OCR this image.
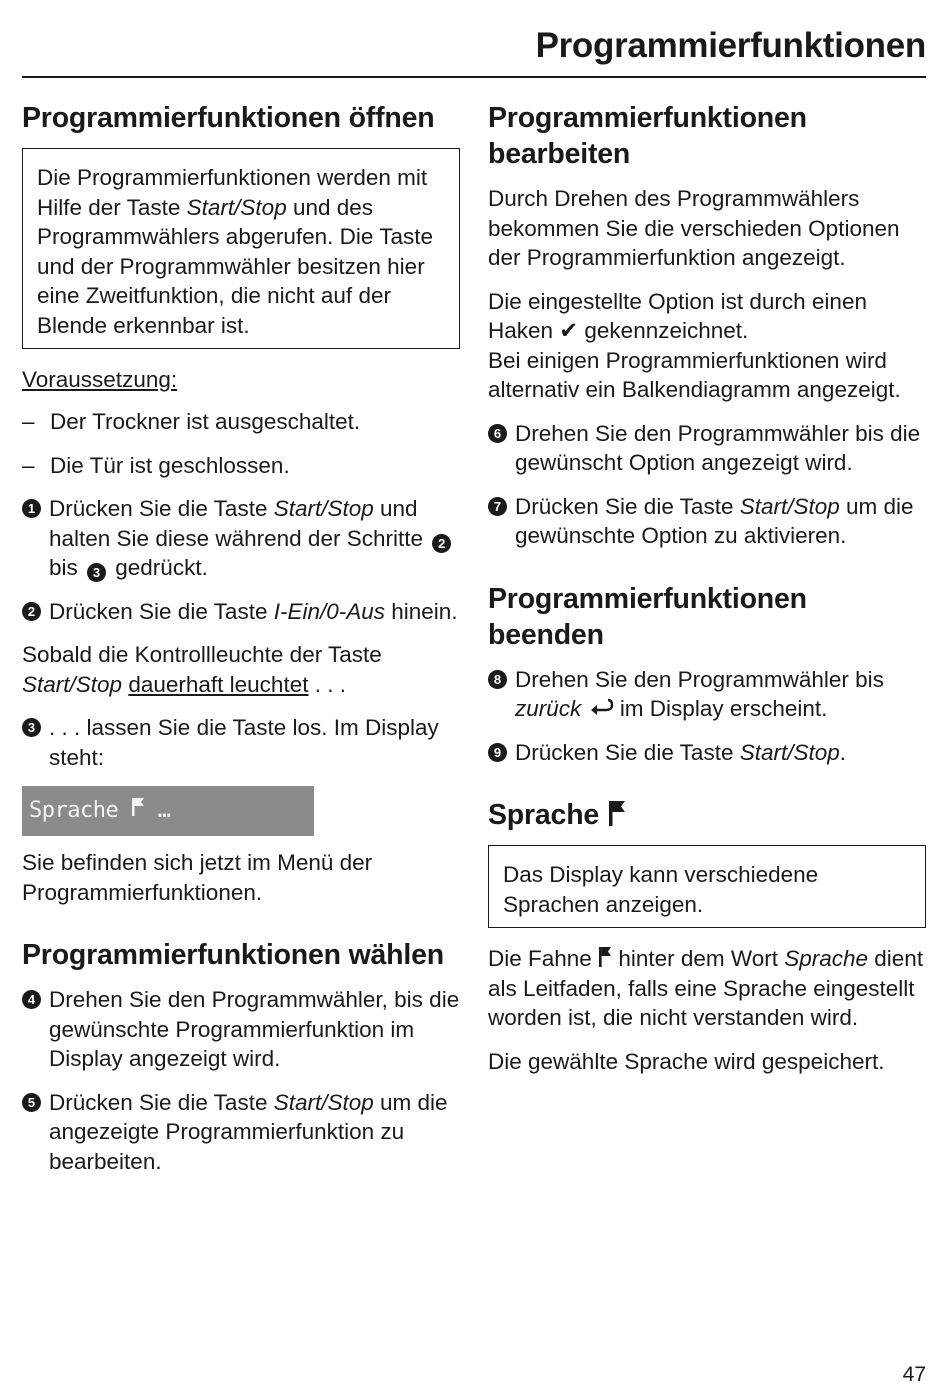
Programmierfunktionen
Programmierfunktionen öffnen

Die Programmierfunktionen werden mit Hilfe der Taste Start/Stop und des Programmwählers abgerufen. Die Taste und der Programmwähler besitzen hier eine Zweitfunktion, die nicht auf der Blende erkennbar ist.

Voraussetzung:
– Der Trockner ist ausgeschaltet.
– Die Tür ist geschlossen.
1 Drücken Sie die Taste Start/Stop und halten Sie diese während der Schritte 2 bis 3 gedrückt.
2 Drücken Sie die Taste I-Ein/0-Aus hinein.

Sobald die Kontrollleuchte der Taste Start/Stop dauerhaft leuchtet . . .

3 . . . lassen Sie die Taste los. Im Display steht:
Sprache …

Sie befinden sich jetzt im Menü der Programmierfunktionen.

Programmierfunktionen wählen
4 Drehen Sie den Programmwähler, bis die gewünschte Programmierfunktion im Display angezeigt wird.
5 Drücken Sie die Taste Start/Stop um die angezeigte Programmierfunktion zu bearbeiten.
Programmierfunktionen bearbeiten

Durch Drehen des Programmwählers bekommen Sie die verschieden Optionen der Programmierfunktion angezeigt.

Die eingestellte Option ist durch einen Haken ✔ gekennzeichnet.

Bei einigen Programmierfunktionen wird alternativ ein Balkendiagramm angezeigt.

6 Drehen Sie den Programmwähler bis die gewünscht Option angezeigt wird.
7 Drücken Sie die Taste Start/Stop um die gewünschte Option zu aktivieren.
Programmierfunktionen beenden
8 Drehen Sie den Programmwähler bis zurück  im Display erscheint.
9 Drücken Sie die Taste Start/Stop.
Sprache

Das Display kann verschiedene Sprachen anzeigen.

Die Fahne  hinter dem Wort Sprache dient als Leitfaden, falls eine Sprache eingestellt worden ist, die nicht verstanden wird.

Die gewählte Sprache wird gespeichert.

47
